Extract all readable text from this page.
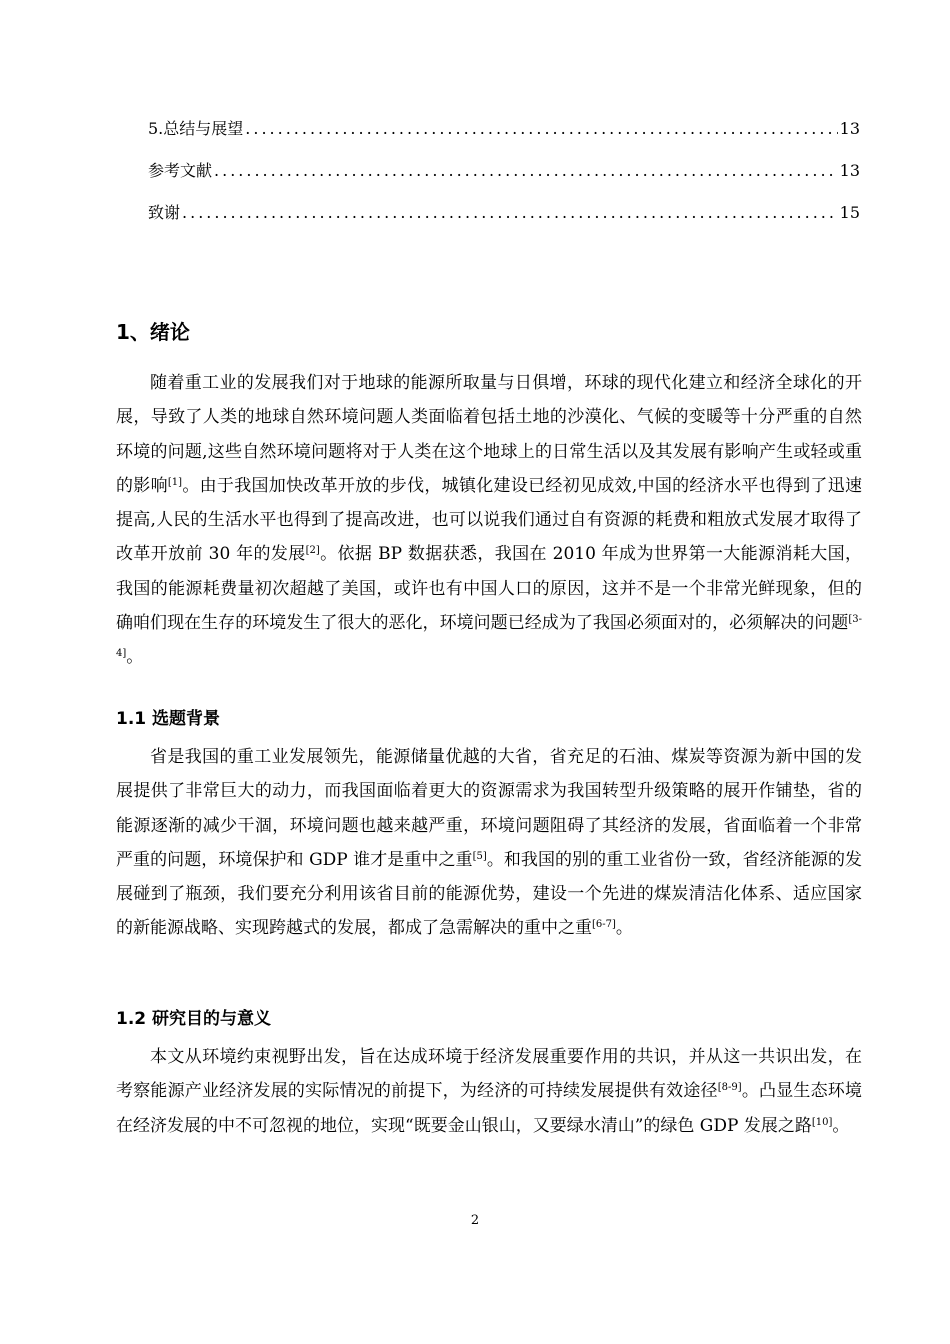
5.总结与展望 .....	13
参考文献 .....	13
致谢 .....	15
1、绪论

随着重工业的发展我们对于地球的能源所取量与日俱增，环球的现代化建立和经济全球化的开展，导致了人类的地球自然环境问题人类面临着包括土地的沙漠化、气候的变暖等十分严重的自然环境的问题,这些自然环境问题将对于人类在这个地球上的日常生活以及其发展有影响产生或轻或重的影响[1]。由于我国加快改革开放的步伐，城镇化建设已经初见成效,中国的经济水平也得到了迅速提高,人民的生活水平也得到了提高改进，也可以说我们通过自有资源的耗费和粗放式发展才取得了改革开放前 30 年的发展[2]。依据 BP 数据获悉，我国在 2010 年成为世界第一大能源消耗大国，我国的能源耗费量初次超越了美国，或许也有中国人口的原因，这并不是一个非常光鲜现象，但的确咱们现在生存的环境发生了很大的恶化，环境问题已经成为了我国必须面对的，必须解决的问题[3-4]。

1.1 选题背景

省是我国的重工业发展领先，能源储量优越的大省，省充足的石油、煤炭等资源为新中国的发展提供了非常巨大的动力，而我国面临着更大的资源需求为我国转型升级策略的展开作铺垫，省的能源逐渐的减少干涸，环境问题也越来越严重，环境问题阻碍了其经济的发展，省面临着一个非常严重的问题，环境保护和 GDP 谁才是重中之重[5]。和我国的别的重工业省份一致，省经济能源的发展碰到了瓶颈，我们要充分利用该省目前的能源优势，建设一个先进的煤炭清洁化体系、适应国家的新能源战略、实现跨越式的发展，都成了急需解决的重中之重[6-7]。

1.2 研究目的与意义

本文从环境约束视野出发，旨在达成环境于经济发展重要作用的共识，并从这一共识出发，在考察能源产业经济发展的实际情况的前提下，为经济的可持续发展提供有效途径[8-9]。凸显生态环境在经济发展的中不可忽视的地位，实现“既要金山银山，又要绿水清山”的绿色 GDP 发展之路[10]。

2
